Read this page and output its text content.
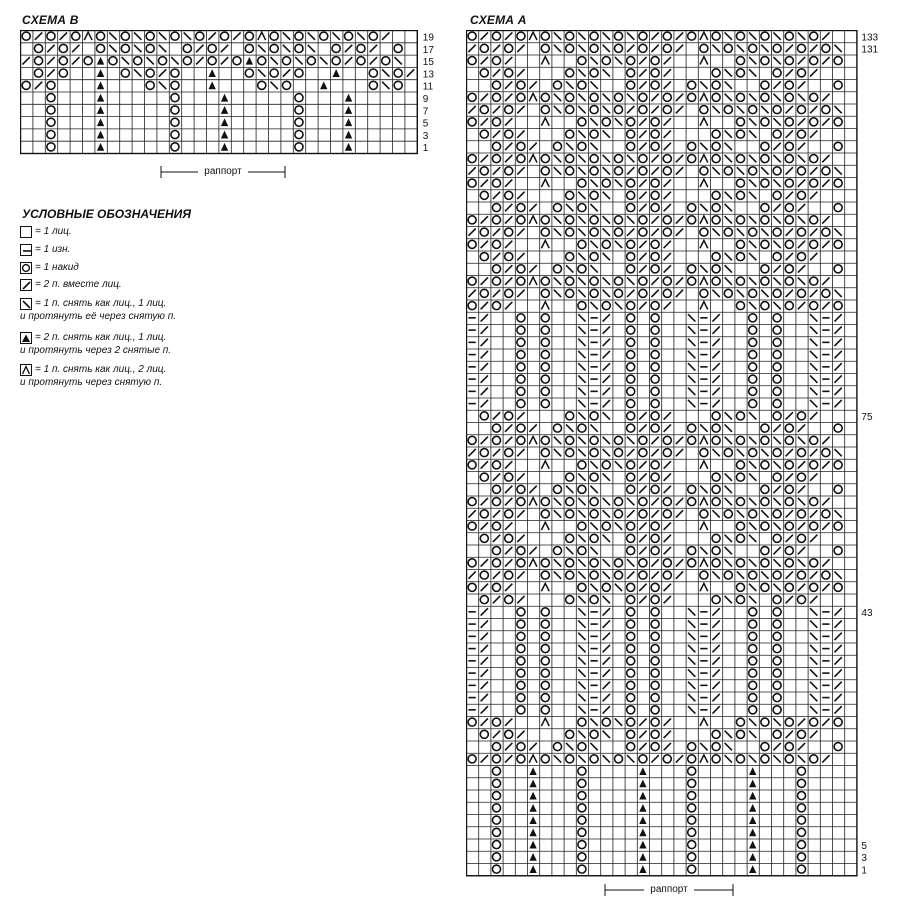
СХЕМА В
19
17
15
13
11
9
7
5
3
1
раппорт
УСЛОВНЫЕ ОБОЗНАЧЕНИЯ
= 1 лиц.
= 1 изн.
= 1 накид
= 2 п. вместе лиц.
= 1 п. снять как лиц., 1 лиц.
и протянуть её через снятую п.
= 2 п. снять как лиц., 1 лиц.
и протянуть через 2 снятые п.
= 1 п. снять как лиц., 2 лиц.
и протянуть через снятую п.
СХЕМА А
133
131
75
43
5
3
1
раппорт
